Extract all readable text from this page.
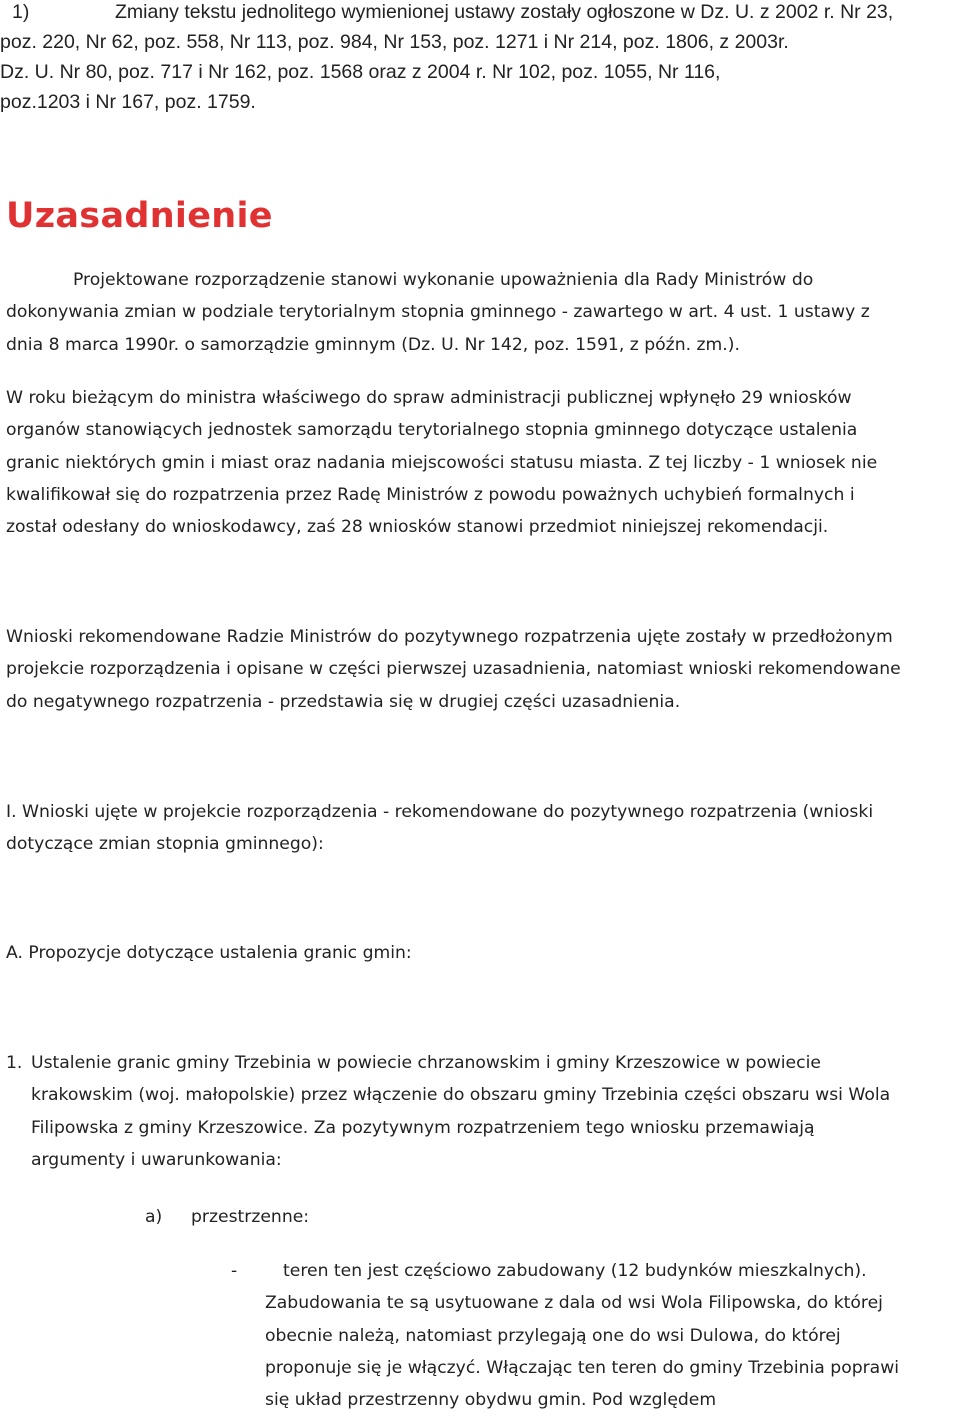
1)	Zmiany tekstu jednolitego wymienionej ustawy zostały ogłoszone w Dz. U. z 2002 r. Nr 23,
poz. 220, Nr 62, poz. 558, Nr 113, poz. 984, Nr 153, poz. 1271 i Nr 214, poz. 1806, z 2003r.
Dz. U. Nr 80, poz. 717 i Nr 162, poz. 1568 oraz z 2004 r. Nr 102, poz. 1055, Nr 116,
poz.1203 i Nr 167, poz. 1759.
Uzasadnienie
Projektowane rozporządzenie stanowi wykonanie upoważnienia dla Rady Ministrów do
dokonywania zmian w podziale terytorialnym stopnia gminnego - zawartego w art. 4 ust. 1 ustawy z
dnia 8 marca 1990r. o samorządzie gminnym (Dz. U. Nr 142, poz. 1591, z późn. zm.).
W roku bieżącym do ministra właściwego do spraw administracji publicznej wpłynęło 29 wniosków
organów stanowiących jednostek samorządu terytorialnego stopnia gminnego dotyczące ustalenia
granic niektórych gmin i miast oraz nadania miejscowości statusu miasta. Z tej liczby - 1 wniosek nie
kwalifikował się do rozpatrzenia przez Radę Ministrów z powodu poważnych uchybień formalnych i
został odesłany do wnioskodawcy, zaś 28 wniosków stanowi przedmiot niniejszej rekomendacji.
Wnioski rekomendowane Radzie Ministrów do pozytywnego rozpatrzenia ujęte zostały w przedłożonym
projekcie rozporządzenia i opisane w części pierwszej uzasadnienia, natomiast wnioski rekomendowane
do negatywnego rozpatrzenia - przedstawia się w drugiej części uzasadnienia.
I. Wnioski ujęte w projekcie rozporządzenia - rekomendowane do pozytywnego rozpatrzenia (wnioski
dotyczące zmian stopnia gminnego):
A. Propozycje dotyczące ustalenia granic gmin:
1. Ustalenie granic gminy Trzebinia w powiecie chrzanowskim i gminy Krzeszowice w powiecie
krakowskim (woj. małopolskie) przez włączenie do obszaru gminy Trzebinia części obszaru wsi Wola
Filipowska z gminy Krzeszowice. Za pozytywnym rozpatrzeniem tego wniosku przemawiają
argumenty i uwarunkowania:
a) przestrzenne:
-	teren ten jest częściowo zabudowany (12 budynków mieszkalnych).
Zabudowania te są usytuowane z dala od wsi Wola Filipowska, do której
obecnie należą, natomiast przylegają one do wsi Dulowa, do której
proponuje się je włączyć. Włączając ten teren do gminy Trzebinia poprawi
się układ przestrzenny obydwu gmin. Pod względem
